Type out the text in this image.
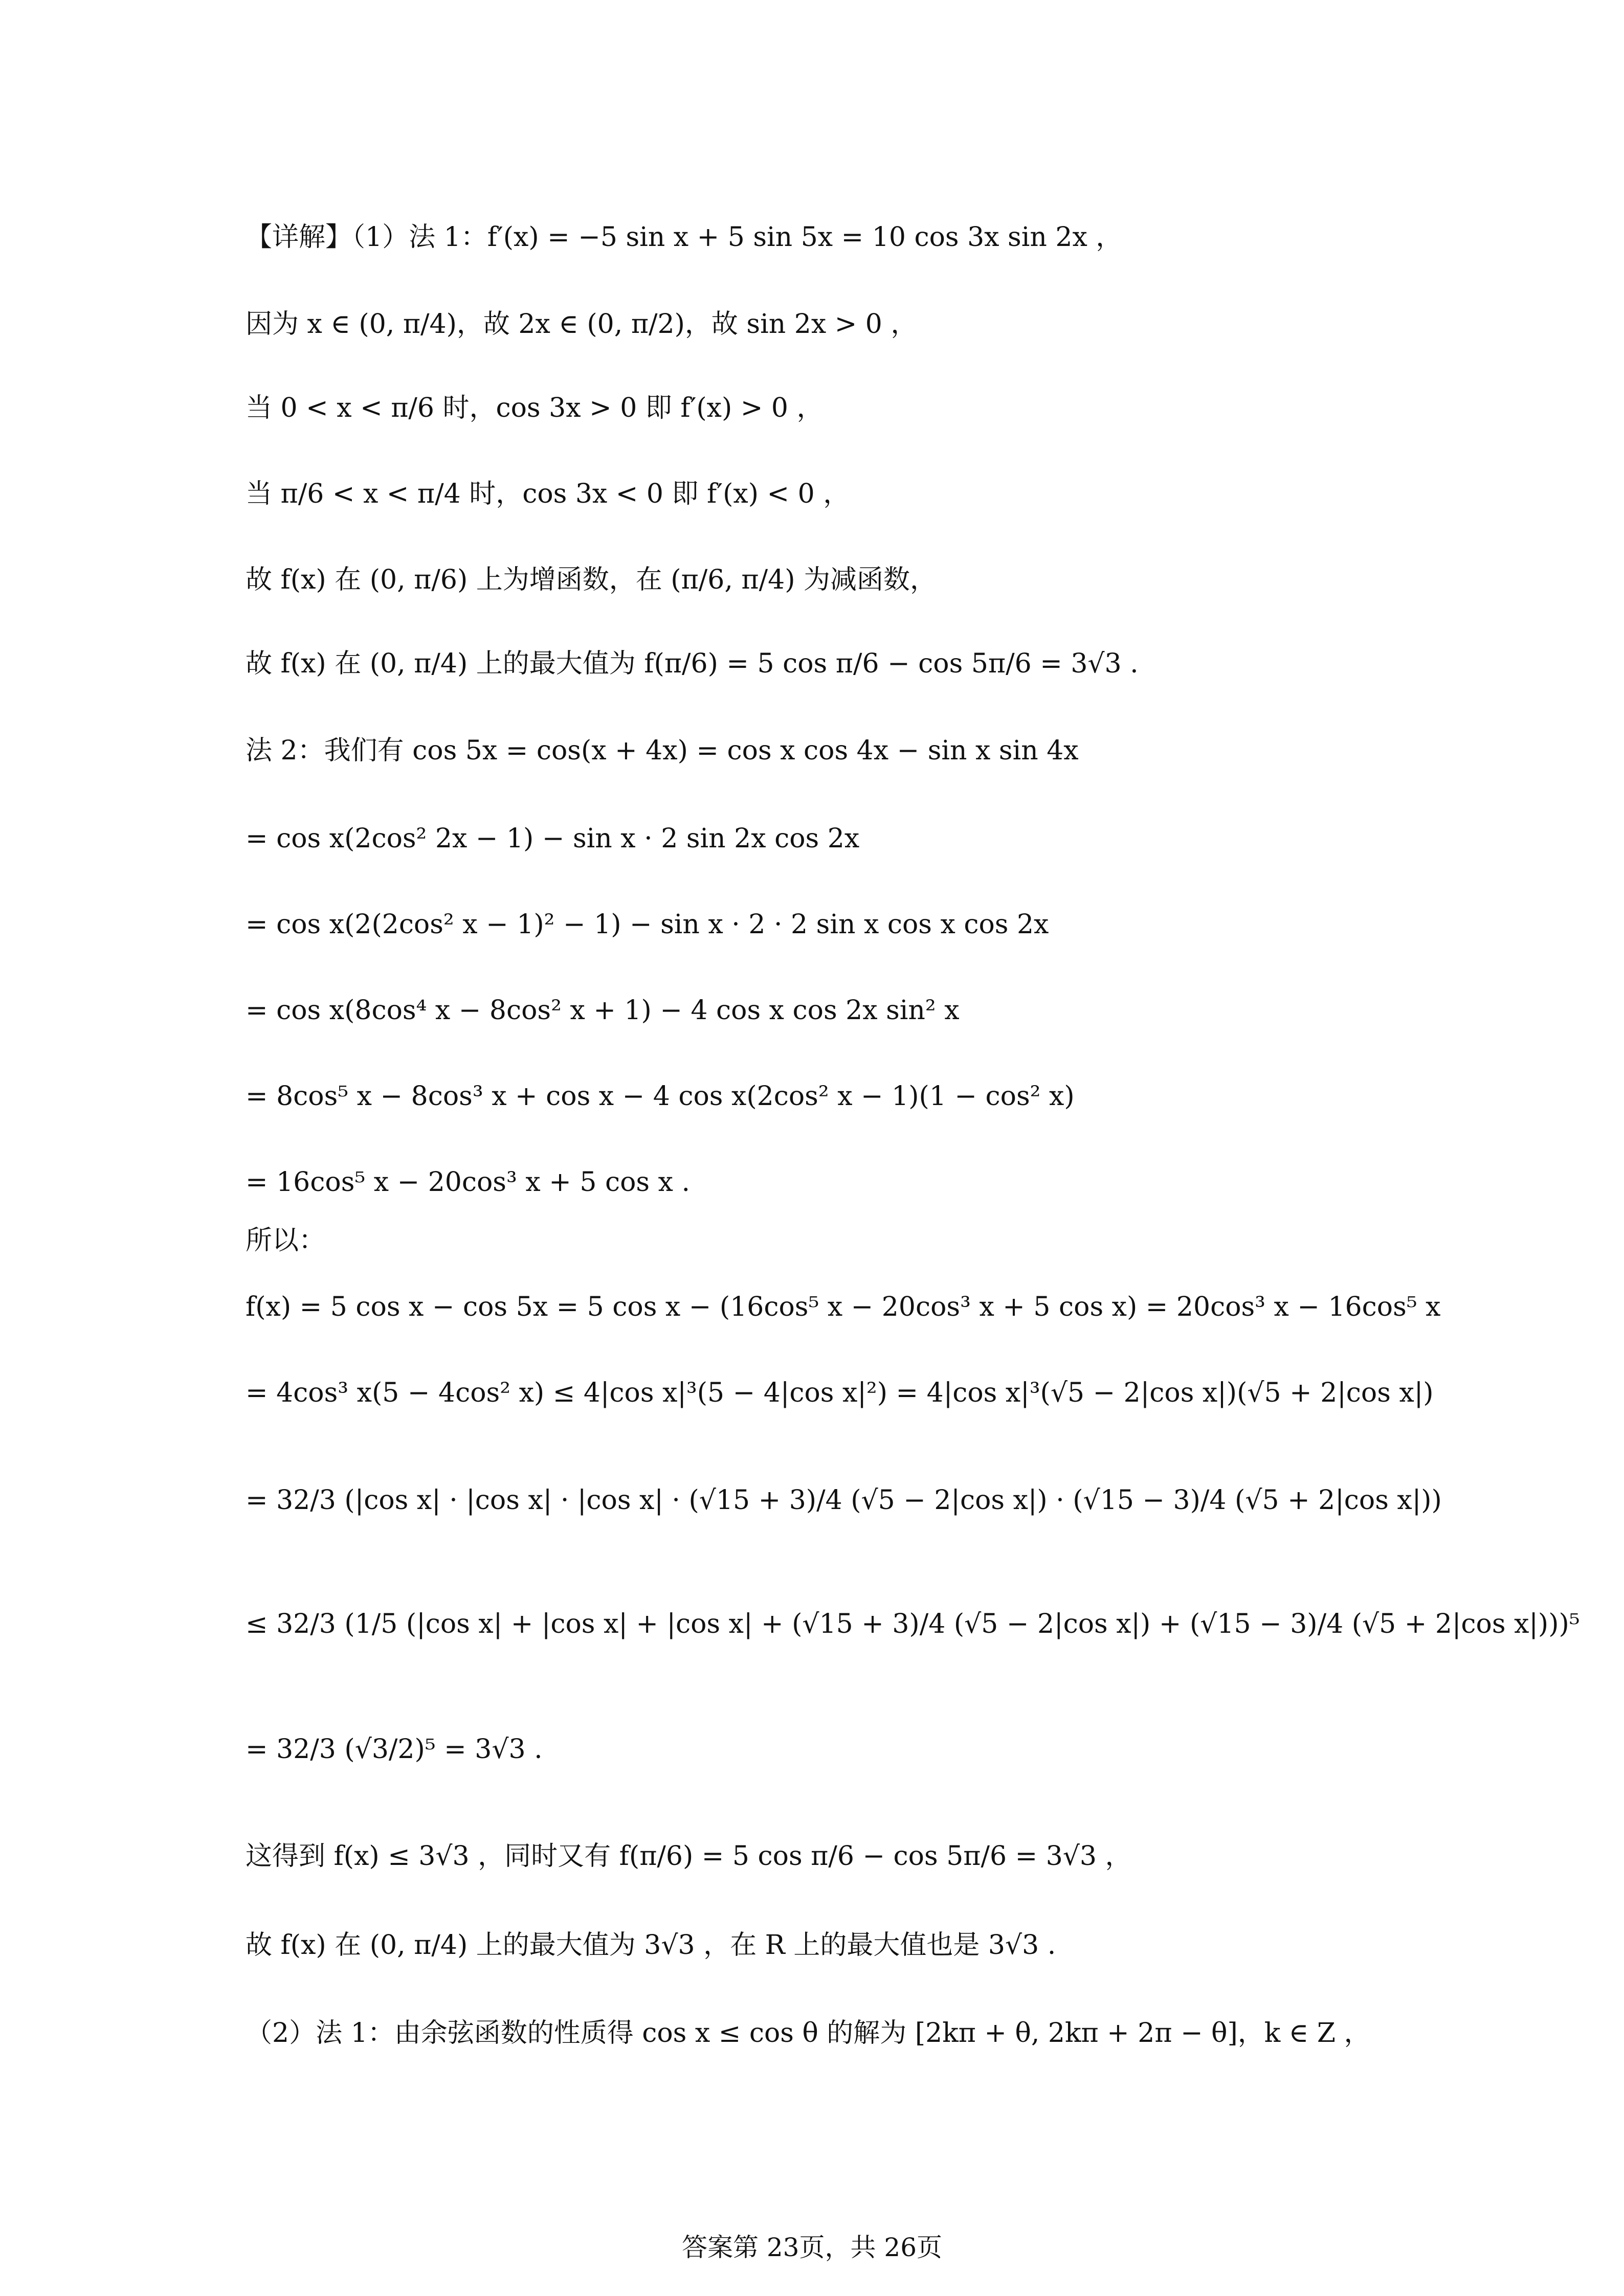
【详解】（1）法 1：f′(x) = −5 sin x + 5 sin 5x = 10 cos 3x sin 2x ，
因为 x ∈ (0, π/4)，故 2x ∈ (0, π/2)，故 sin 2x > 0 ，
当 0 < x < π/6 时，cos 3x > 0 即 f′(x) > 0 ，
当 π/6 < x < π/4 时，cos 3x < 0 即 f′(x) < 0 ，
故 f(x) 在 (0, π/6) 上为增函数，在 (π/6, π/4) 为减函数，
故 f(x) 在 (0, π/4) 上的最大值为 f(π/6) = 5 cos π/6 − cos 5π/6 = 3√3 .
法 2：我们有 cos 5x = cos(x + 4x) = cos x cos 4x − sin x sin 4x
= cos x(2cos² 2x − 1) − sin x · 2 sin 2x cos 2x
= cos x(2(2cos² x − 1)² − 1) − sin x · 2 · 2 sin x cos x cos 2x
= cos x(8cos⁴ x − 8cos² x + 1) − 4 cos x cos 2x sin² x
= 8cos⁵ x − 8cos³ x + cos x − 4 cos x(2cos² x − 1)(1 − cos² x)
= 16cos⁵ x − 20cos³ x + 5 cos x .
所以：
f(x) = 5 cos x − cos 5x = 5 cos x − (16cos⁵ x − 20cos³ x + 5 cos x) = 20cos³ x − 16cos⁵ x
= 4cos³ x(5 − 4cos² x) ≤ 4|cos x|³(5 − 4|cos x|²) = 4|cos x|³(√5 − 2|cos x|)(√5 + 2|cos x|)
= 32/3 (|cos x| · |cos x| · |cos x| · (√15 + 3)/4 (√5 − 2|cos x|) · (√15 − 3)/4 (√5 + 2|cos x|))
≤ 32/3 (1/5 (|cos x| + |cos x| + |cos x| + (√15 + 3)/4 (√5 − 2|cos x|) + (√15 − 3)/4 (√5 + 2|cos x|)))⁵
= 32/3 (√3/2)⁵ = 3√3 .
这得到 f(x) ≤ 3√3 ，同时又有 f(π/6) = 5 cos π/6 − cos 5π/6 = 3√3 ，
故 f(x) 在 (0, π/4) 上的最大值为 3√3 ，在 R 上的最大值也是 3√3 .
（2）法 1：由余弦函数的性质得 cos x ≤ cos θ 的解为 [2kπ + θ, 2kπ + 2π − θ]，k ∈ Z ，
答案第 23页，共 26页
